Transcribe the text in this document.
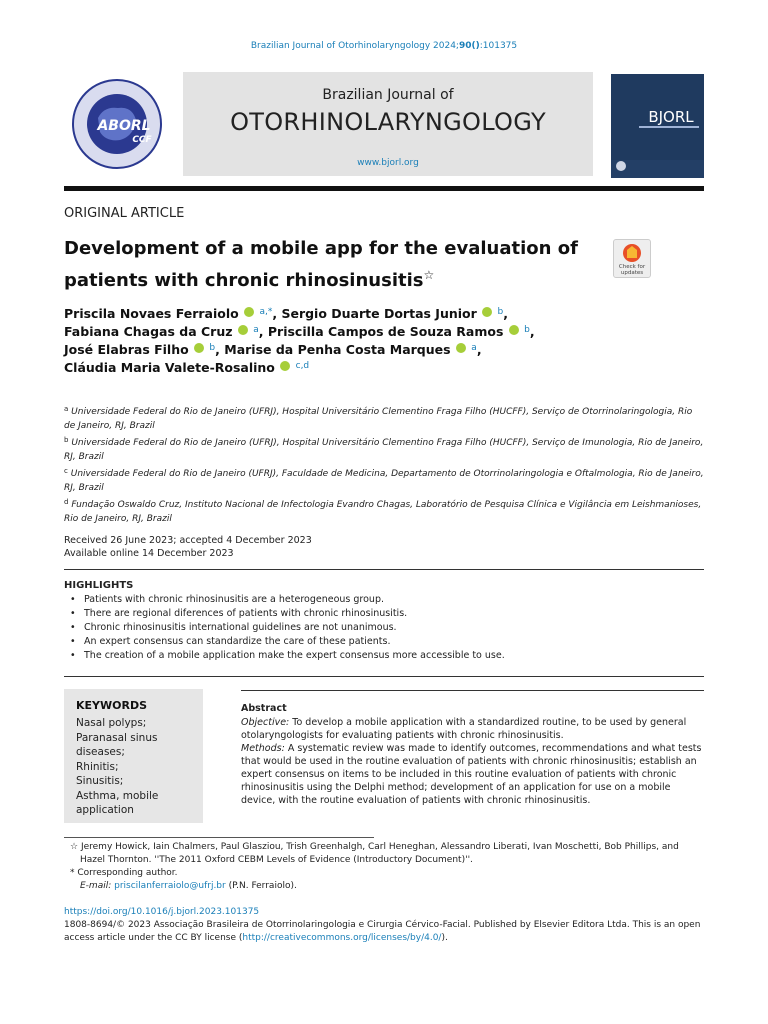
Brazilian Journal of Otorhinolaryngology 2024;90():101375
ABORL
CCF
Brazilian Journal of
OTORHINOLARYNGOLOGY
www.bjorl.org
BJORL
ORIGINAL ARTICLE
Development of a mobile app for the evaluation of
patients with chronic rhinosinusitis☆
Check for
updates
Priscila Novaes Ferraiolo $^{a,*}$, Sergio Duarte Dortas Junior $^b$,
Fabiana Chagas da Cruz $^a$, Priscilla Campos de Souza Ramos $^b$,
José Elabras Filho $^b$, Marise da Penha Costa Marques $^a$,
Cláudia Maria Valete-Rosalino $^{c,d}$
$^a$ Universidade Federal do Rio de Janeiro (UFRJ), Hospital Universitário Clementino Fraga Filho (HUCFF), Serviço de Otorrinolaringologia, Rio de Janeiro, RJ, Brazil
$^b$ Universidade Federal do Rio de Janeiro (UFRJ), Hospital Universitário Clementino Fraga Filho (HUCFF), Serviço de Imunologia, Rio de Janeiro, RJ, Brazil
$^c$ Universidade Federal do Rio de Janeiro (UFRJ), Faculdade de Medicina, Departamento de Otorrinolaringologia e Oftalmologia, Rio de Janeiro, RJ, Brazil
$^d$ Fundação Oswaldo Cruz, Instituto Nacional de Infectologia Evandro Chagas, Laboratório de Pesquisa Clínica e Vigilância em Leishmanioses, Rio de Janeiro, RJ, Brazil
Received 26 June 2023; accepted 4 December 2023
Available online 14 December 2023
HIGHLIGHTS
• Patients with chronic rhinosinusitis are a heterogeneous group.
• There are regional diferences of patients with chronic rhinosinusitis.
• Chronic rhinosinusitis international guidelines are not unanimous.
• An expert consensus can standardize the care of these patients.
• The creation of a mobile application make the expert consensus more accessible to use.
KEYWORDS
Nasal polyps;
Paranasal sinus
diseases;
Rhinitis;
Sinusitis;
Asthma, mobile
application
Abstract
Objective: To develop a mobile application with a standardized routine, to be used by general otolaryngologists for evaluating patients with chronic rhinosinusitis.
Methods: A systematic review was made to identify outcomes, recommendations and what tests that would be used in the routine evaluation of patients with chronic rhinosinusitis; establish an expert consensus on items to be included in this routine evaluation of patients with chronic rhinosinusitis using the Delphi method; development of an application for use on a mobile device, with the routine evaluation of patients with chronic rhinosinusitis.
☆ Jeremy Howick, Iain Chalmers, Paul Glasziou, Trish Greenhalgh, Carl Heneghan, Alessandro Liberati, Ivan Moschetti, Bob Phillips, and Hazel Thornton. ''The 2011 Oxford CEBM Levels of Evidence (Introductory Document)''.
* Corresponding author.
E-mail: priscilanferraiolo@ufrj.br (P.N. Ferraiolo).
https://doi.org/10.1016/j.bjorl.2023.101375
1808-8694/© 2023 Associação Brasileira de Otorrinolaringologia e Cirurgia Cérvico-Facial. Published by Elsevier Editora Ltda. This is an open access article under the CC BY license (http://creativecommons.org/licenses/by/4.0/).
